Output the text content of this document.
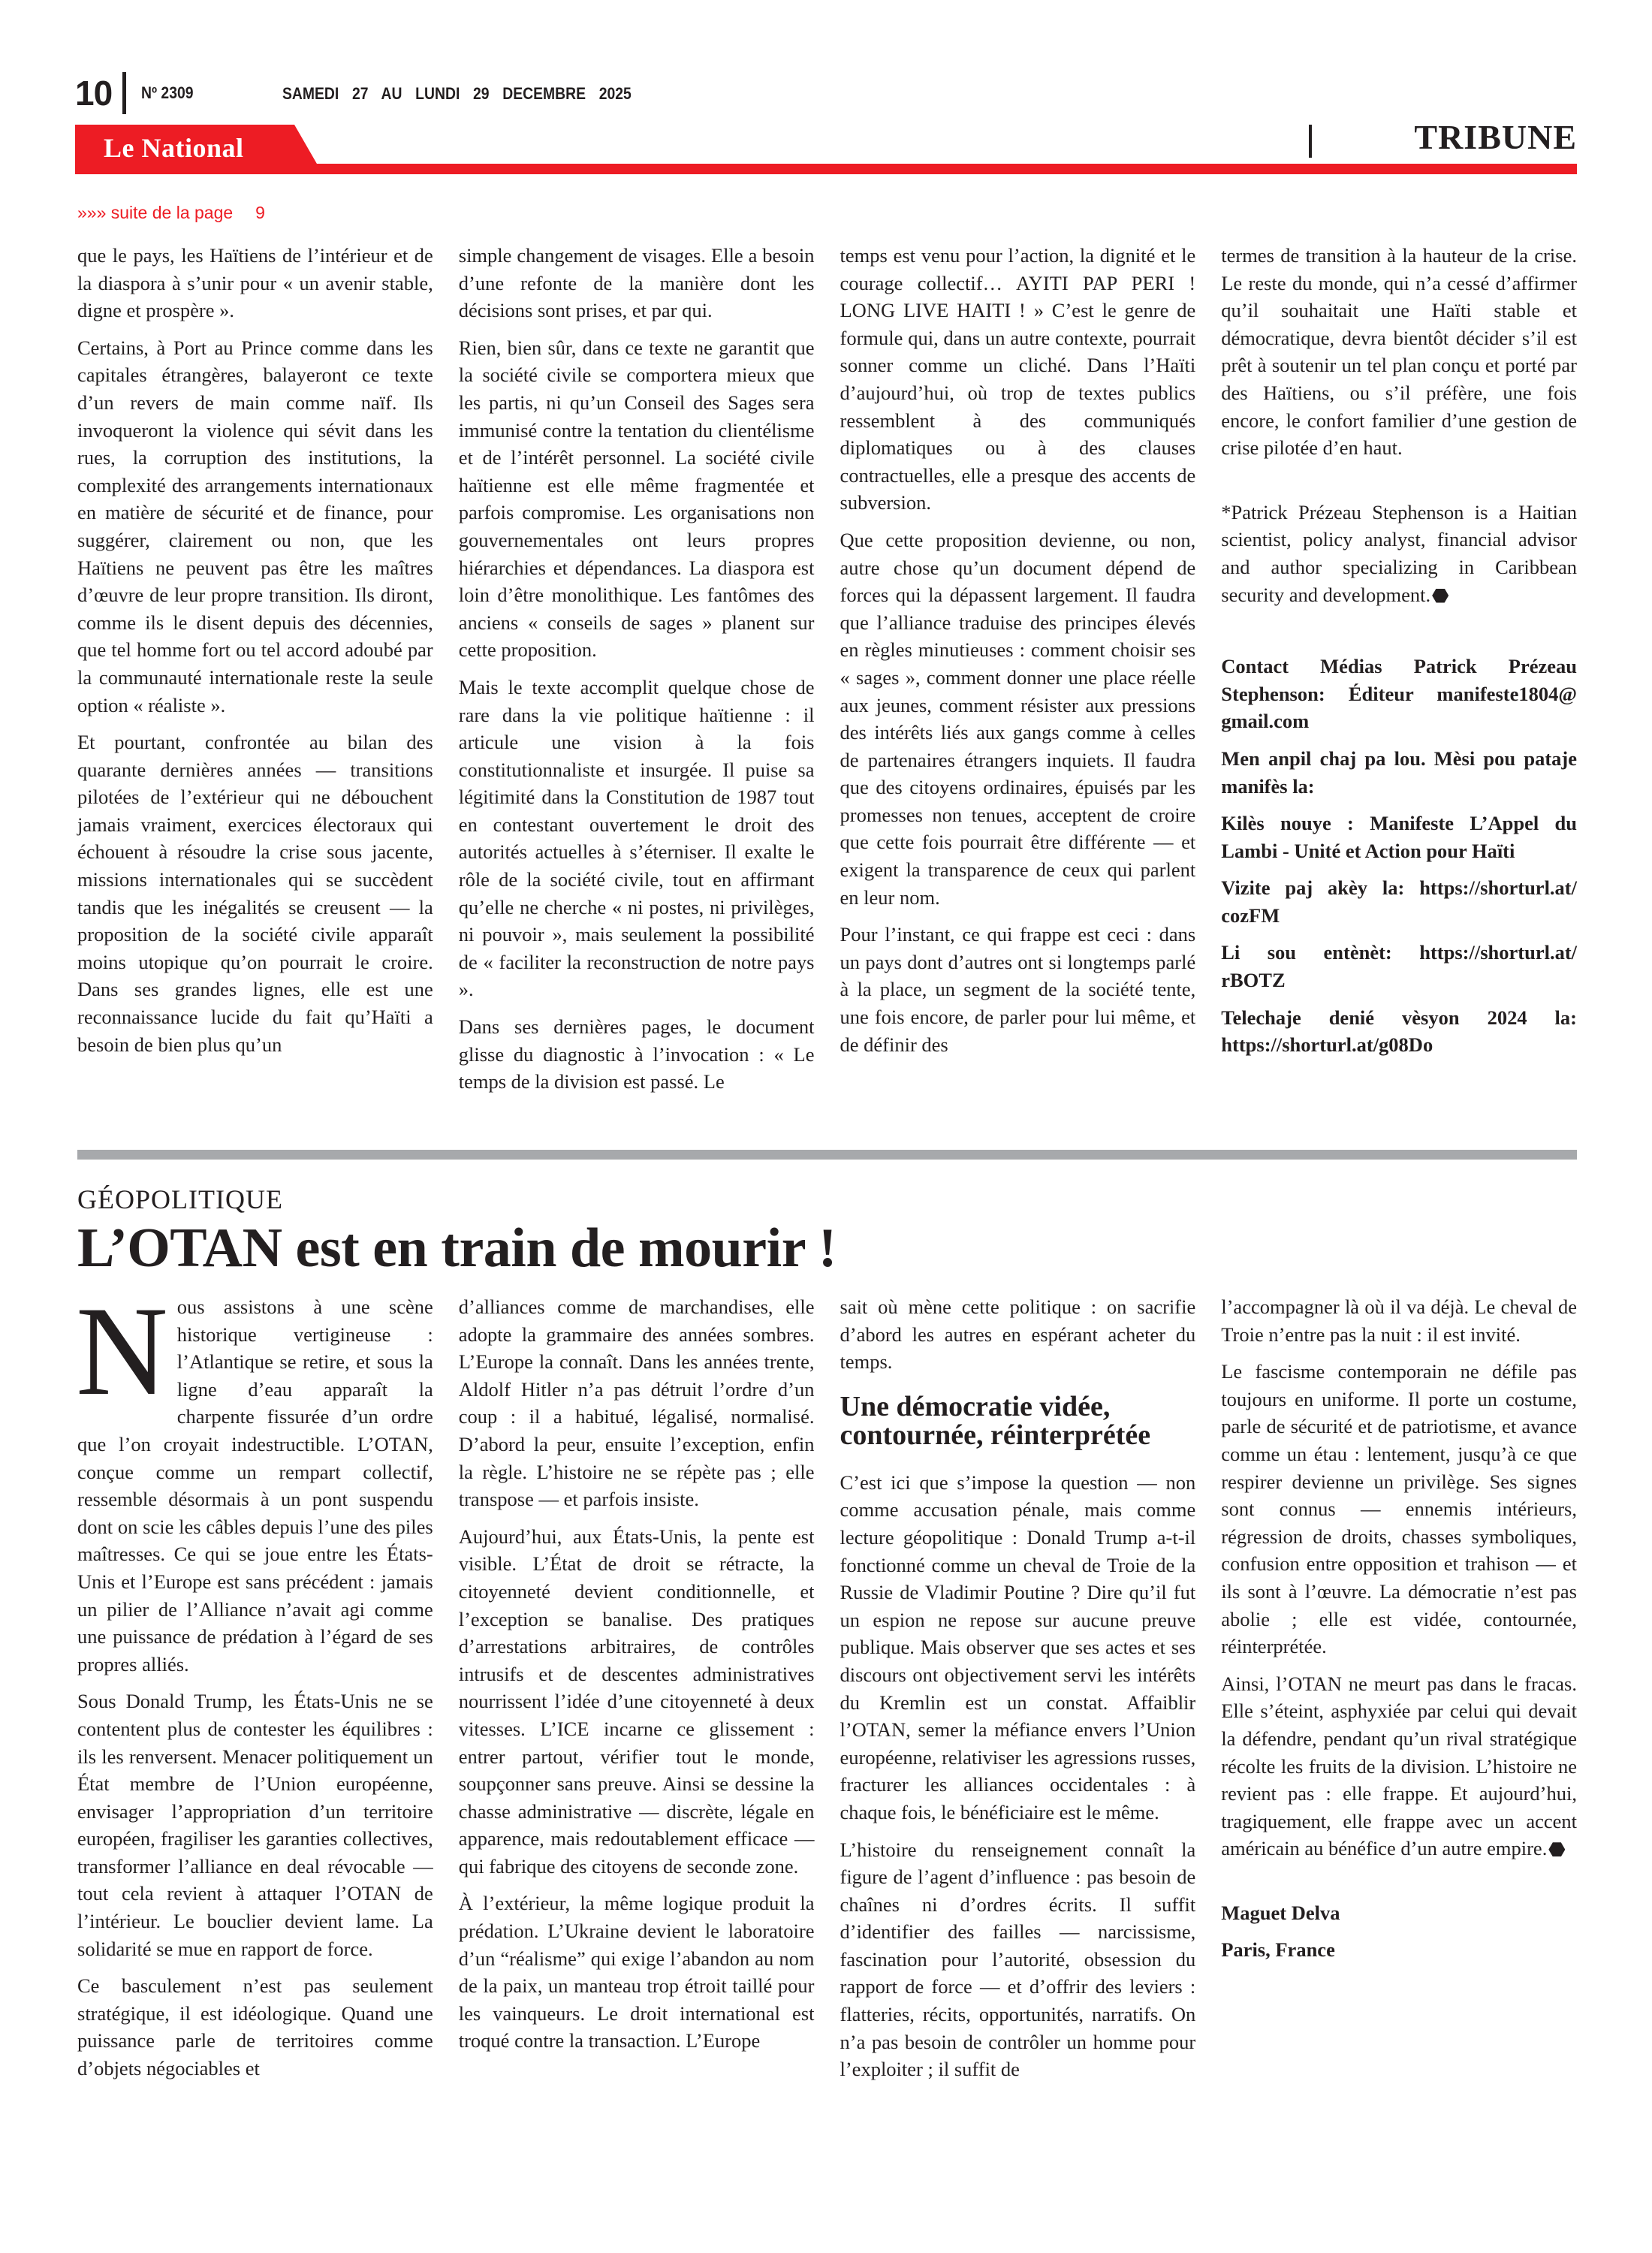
10 Nº 2309	SAMEDI 27 AU LUNDI 29 DECEMBRE 2025
Le National	TRIBUNE
»»» suite de la page 9

que le pays, les Haïtiens de l’intérieur et de la diaspora à s’unir pour « un avenir stable, digne et prospère ».

Certains, à Port au Prince comme dans les capitales étrangères, balayeront ce texte d’un revers de main comme naïf. Ils invoqueront la violence qui sévit dans les rues, la corruption des institutions, la complexité des arrangements internationaux en matière de sécurité et de finance, pour suggérer, clairement ou non, que les Haïtiens ne peuvent pas être les maîtres d’œuvre de leur propre transition. Ils diront, comme ils le disent depuis des décennies, que tel homme fort ou tel accord adoubé par la communauté internationale reste la seule option « réaliste ».

Et pourtant, confrontée au bilan des quarante dernières années — transitions pilotées de l’extérieur qui ne débouchent jamais vraiment, exercices électoraux qui échouent à résoudre la crise sous jacente, missions internationales qui se succèdent tandis que les inégalités se creusent — la proposition de la société civile apparaît moins utopique qu’on pourrait le croire. Dans ses grandes lignes, elle est une reconnaissance lucide du fait qu’Haïti a besoin de bien plus qu’un

simple changement de visages. Elle a besoin d’une refonte de la manière dont les décisions sont prises, et par qui.

Rien, bien sûr, dans ce texte ne garantit que la société civile se comportera mieux que les partis, ni qu’un Conseil des Sages sera immunisé contre la tentation du clientélisme et de l’intérêt personnel. La société civile haïtienne est elle même fragmentée et parfois compromise. Les organisations non gouvernementales ont leurs propres hiérarchies et dépendances. La diaspora est loin d’être monolithique. Les fantômes des anciens « conseils de sages » planent sur cette proposition.

Mais le texte accomplit quelque chose de rare dans la vie politique haïtienne : il articule une vision à la fois constitutionnaliste et insurgée. Il puise sa légitimité dans la Constitution de 1987 tout en contestant ouvertement le droit des autorités actuelles à s’éterniser. Il exalte le rôle de la société civile, tout en affirmant qu’elle ne cherche « ni postes, ni privilèges, ni pouvoir », mais seulement la possibilité de « faciliter la reconstruction de notre pays ».

Dans ses dernières pages, le document glisse du diagnostic à l’invocation : « Le temps de la division est passé. Le

temps est venu pour l’action, la dignité et le courage collectif… AYITI PAP PERI ! LONG LIVE HAITI ! » C’est le genre de formule qui, dans un autre contexte, pourrait sonner comme un cliché. Dans l’Haïti d’aujourd’hui, où trop de textes publics ressemblent à des communiqués diplomatiques ou à des clauses contractuelles, elle a presque des accents de subversion.

Que cette proposition devienne, ou non, autre chose qu’un document dépend de forces qui la dépassent largement. Il faudra que l’alliance traduise des principes élevés en règles minutieuses : comment choisir ses « sages », comment donner une place réelle aux jeunes, comment résister aux pressions des intérêts liés aux gangs comme à celles de partenaires étrangers inquiets. Il faudra que des citoyens ordinaires, épuisés par les promesses non tenues, acceptent de croire que cette fois pourrait être différente — et exigent la transparence de ceux qui parlent en leur nom.

Pour l’instant, ce qui frappe est ceci : dans un pays dont d’autres ont si longtemps parlé à la place, un segment de la société tente, une fois encore, de parler pour lui même, et de définir des

termes de transition à la hauteur de la crise. Le reste du monde, qui n’a cessé d’affirmer qu’il souhaitait une Haïti stable et démocratique, devra bientôt décider s’il est prêt à soutenir un tel plan conçu et porté par des Haïtiens, ou s’il préfère, une fois encore, le confort familier d’une gestion de crise pilotée d’en haut.

*Patrick Prézeau Stephenson is a Haitian scientist, policy analyst, financial advisor and author specializing in Caribbean security and development.

Contact Médias Patrick Prézeau Stephenson: Éditeur manifeste1804@ gmail.com

Men anpil chaj pa lou. Mèsi pou pataje manifès la:

Kilès nouye : Manifeste L’Appel du Lambi - Unité et Action pour Haïti

Vizite paj akèy la: https://shorturl.at/ cozFM

Li sou entènèt: https://shorturl.at/ rBOTZ

Telechaje denié vèsyon 2024 la: https://shorturl.at/g08Do

GÉOPOLITIQUE
L’OTAN est en train de mourir !

Nous assistons à une scène historique vertigineuse : l’Atlantique se retire, et sous la ligne d’eau apparaît la charpente fissurée d’un ordre que l’on croyait indestructible. L’OTAN, conçue comme un rempart collectif, ressemble désormais à un pont suspendu dont on scie les câbles depuis l’une des piles maîtresses. Ce qui se joue entre les États-Unis et l’Europe est sans précédent : jamais un pilier de l’Alliance n’avait agi comme une puissance de prédation à l’égard de ses propres alliés.

Sous Donald Trump, les États-Unis ne se contentent plus de contester les équilibres : ils les renversent. Menacer politiquement un État membre de l’Union européenne, envisager l’appropriation d’un territoire européen, fragiliser les garanties collectives, transformer l’alliance en deal révocable — tout cela revient à attaquer l’OTAN de l’intérieur. Le bouclier devient lame. La solidarité se mue en rapport de force.

Ce basculement n’est pas seulement stratégique, il est idéologique. Quand une puissance parle de territoires comme d’objets négociables et

d’alliances comme de marchandises, elle adopte la grammaire des années sombres. L’Europe la connaît. Dans les années trente, Aldolf Hitler n’a pas détruit l’ordre d’un coup : il a habitué, légalisé, normalisé. D’abord la peur, ensuite l’exception, enfin la règle. L’histoire ne se répète pas ; elle transpose — et parfois insiste.

Aujourd’hui, aux États-Unis, la pente est visible. L’État de droit se rétracte, la citoyenneté devient conditionnelle, et l’exception se banalise. Des pratiques d’arrestations arbitraires, de contrôles intrusifs et de descentes administratives nourrissent l’idée d’une citoyenneté à deux vitesses. L’ICE incarne ce glissement : entrer partout, vérifier tout le monde, soupçonner sans preuve. Ainsi se dessine la chasse administrative — discrète, légale en apparence, mais redoutablement efficace — qui fabrique des citoyens de seconde zone.

À l’extérieur, la même logique produit la prédation. L’Ukraine devient le laboratoire d’un “réalisme” qui exige l’abandon au nom de la paix, un manteau trop étroit taillé pour les vainqueurs. Le droit international est troqué contre la transaction. L’Europe

sait où mène cette politique : on sacrifie d’abord les autres en espérant acheter du temps.

Une démocratie vidée, contournée, réinterprétée

C’est ici que s’impose la question — non comme accusation pénale, mais comme lecture géopolitique : Donald Trump a-t-il fonctionné comme un cheval de Troie de la Russie de Vladimir Poutine ? Dire qu’il fut un espion ne repose sur aucune preuve publique. Mais observer que ses actes et ses discours ont objectivement servi les intérêts du Kremlin est un constat. Affaiblir l’OTAN, semer la méfiance envers l’Union européenne, relativiser les agressions russes, fracturer les alliances occidentales : à chaque fois, le bénéficiaire est le même.

L’histoire du renseignement connaît la figure de l’agent d’influence : pas besoin de chaînes ni d’ordres écrits. Il suffit d’identifier des failles — narcissisme, fascination pour l’autorité, obsession du rapport de force — et d’offrir des leviers : flatteries, récits, opportunités, narratifs. On n’a pas besoin de contrôler un homme pour l’exploiter ; il suffit de

l’accompagner là où il va déjà. Le cheval de Troie n’entre pas la nuit : il est invité.

Le fascisme contemporain ne défile pas toujours en uniforme. Il porte un costume, parle de sécurité et de patriotisme, et avance comme un étau : lentement, jusqu’à ce que respirer devienne un privilège. Ses signes sont connus — ennemis intérieurs, régression de droits, chasses symboliques, confusion entre opposition et trahison — et ils sont à l’œuvre. La démocratie n’est pas abolie ; elle est vidée, contournée, réinterprétée.

Ainsi, l’OTAN ne meurt pas dans le fracas. Elle s’éteint, asphyxiée par celui qui devait la défendre, pendant qu’un rival stratégique récolte les fruits de la division. L’histoire ne revient pas : elle frappe. Et aujourd’hui, tragiquement, elle frappe avec un accent américain au bénéfice d’un autre empire.

Maguet Delva

Paris, France
